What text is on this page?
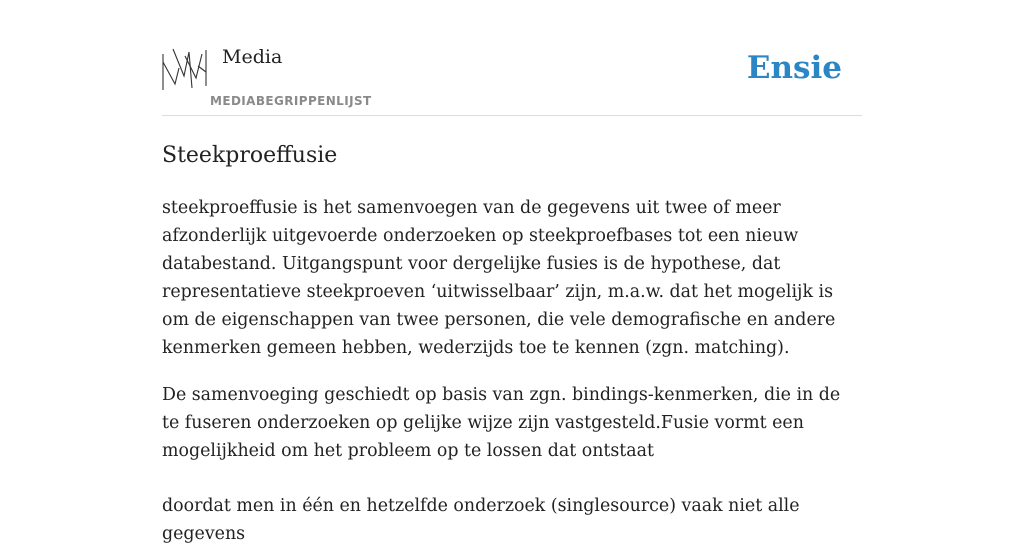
Media
MEDIABEGRIPPENLIJST
Ensie
Steekproeffusie

steekproeffusie is het samenvoegen van de gegevens uit twee of meer afzonderlijk uitgevoerde onderzoeken op steekproefbases tot een nieuw databestand. Uitgangspunt voor dergelijke fusies is de hypothese, dat representatieve steekproeven ‘uitwisselbaar’ zijn, m.a.w. dat het mogelijk is om de eigenschappen van twee personen, die vele demografische en andere kenmerken gemeen hebben, wederzijds toe te kennen (zgn. matching).

De samenvoeging geschiedt op basis van zgn. bindings-kenmerken, die in de te fuseren onderzoeken op gelijke wijze zijn vastgesteld.Fusie vormt een mogelijkheid om het probleem op te lossen dat ontstaat

doordat men in één en hetzelfde onderzoek (singlesource) vaak niet alle gegevens
